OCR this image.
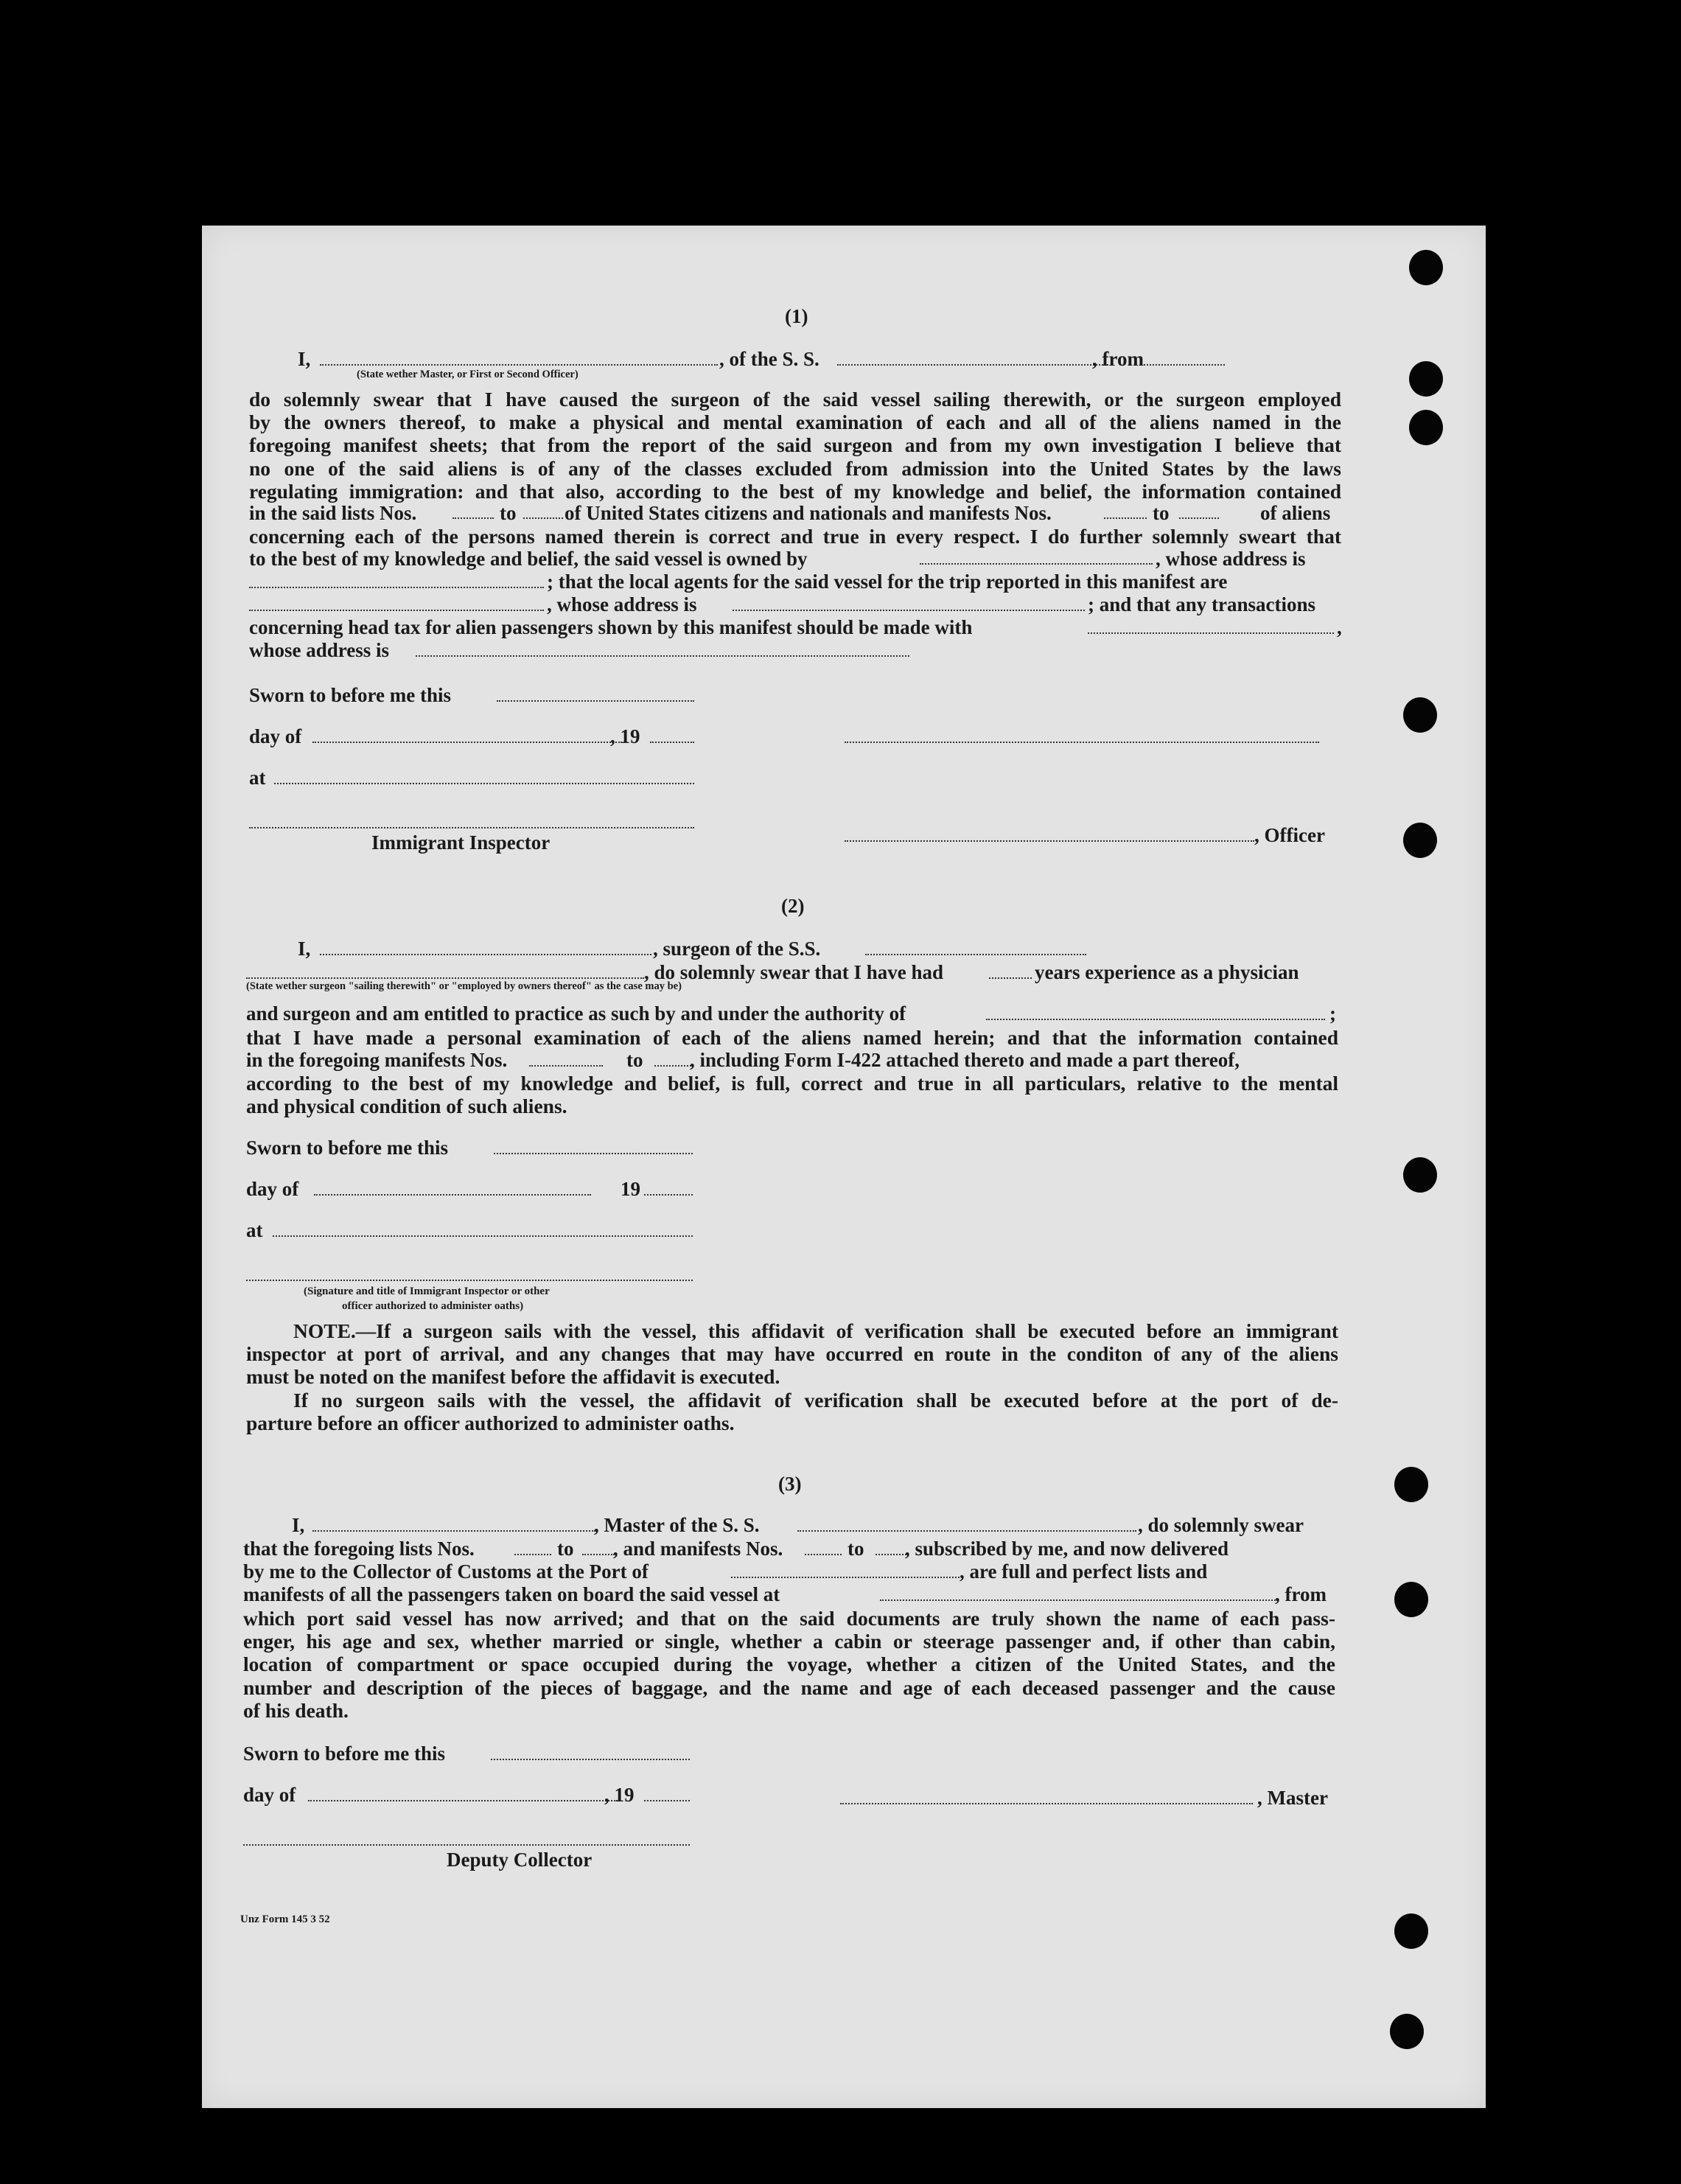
(1)
I,	, of the S. S.	, from
(State wether Master, or First or Second Officer)
do solemnly swear that I have caused the surgeon of the said vessel sailing therewith, or the surgeon employed
by the owners thereof, to make a physical and mental examination of each and all of the aliens named in the
foregoing manifest sheets; that from the report of the said surgeon and from my own investigation I believe that
no one of the said aliens is of any of the classes excluded from admission into the United States by the laws
regulating immigration: and that also, according to the best of my knowledge and belief, the information contained
in the said lists Nos.	to of United States citizens and nationals and manifests Nos.	to	of aliens
concerning each of the persons named therein is correct and true in every respect. I do further solemnly sweart that
to the best of my knowledge and belief, the said vessel is owned by	, whose address is
; that the local agents for the said vessel for the trip reported in this manifest are
, whose address is	; and that any transactions
concerning head tax for alien passengers shown by this manifest should be made with	,
whose address is
Sworn to before me this
day of	, 19
at
Immigrant Inspector	, Officer
(2)
I,	, surgeon of the S.S.
, do solemnly swear that I have had	years experience as a physician
(State wether surgeon "sailing therewith" or "employed by owners thereof" as the case may be)
and surgeon and am entitled to practice as such by and under the authority of	;
that I have made a personal examination of each of the aliens named herein; and that the information contained
in the foregoing manifests Nos.	to , including Form I-422 attached thereto and made a part thereof,
according to the best of my knowledge and belief, is full, correct and true in all particulars, relative to the mental
and physical condition of such aliens.
Sworn to before me this
day of	19
at
(Signature and title of Immigrant Inspector or other
officer authorized to administer oaths)
NOTE.—If a surgeon sails with the vessel, this affidavit of verification shall be executed before an immigrant
inspector at port of arrival, and any changes that may have occurred en route in the conditon of any of the aliens
must be noted on the manifest before the affidavit is executed.
If no surgeon sails with the vessel, the affidavit of verification shall be executed before at the port of de-
parture before an officer authorized to administer oaths.
(3)
I,	, Master of the S. S.	, do solemnly swear
that the foregoing lists Nos.	to , and manifests Nos.	to , subscribed by me, and now delivered
by me to the Collector of Customs at the Port of	, are full and perfect lists and
manifests of all the passengers taken on board the said vessel at	, from
which port said vessel has now arrived; and that on the said documents are truly shown the name of each pass-
enger, his age and sex, whether married or single, whether a cabin or steerage passenger and, if other than cabin,
location of compartment or space occupied during the voyage, whether a citizen of the United States, and the
number and description of the pieces of baggage, and the name and age of each deceased passenger and the cause
of his death.
Sworn to before me this
day of	, 19	, Master
Deputy Collector
Unz Form 145 3 52
